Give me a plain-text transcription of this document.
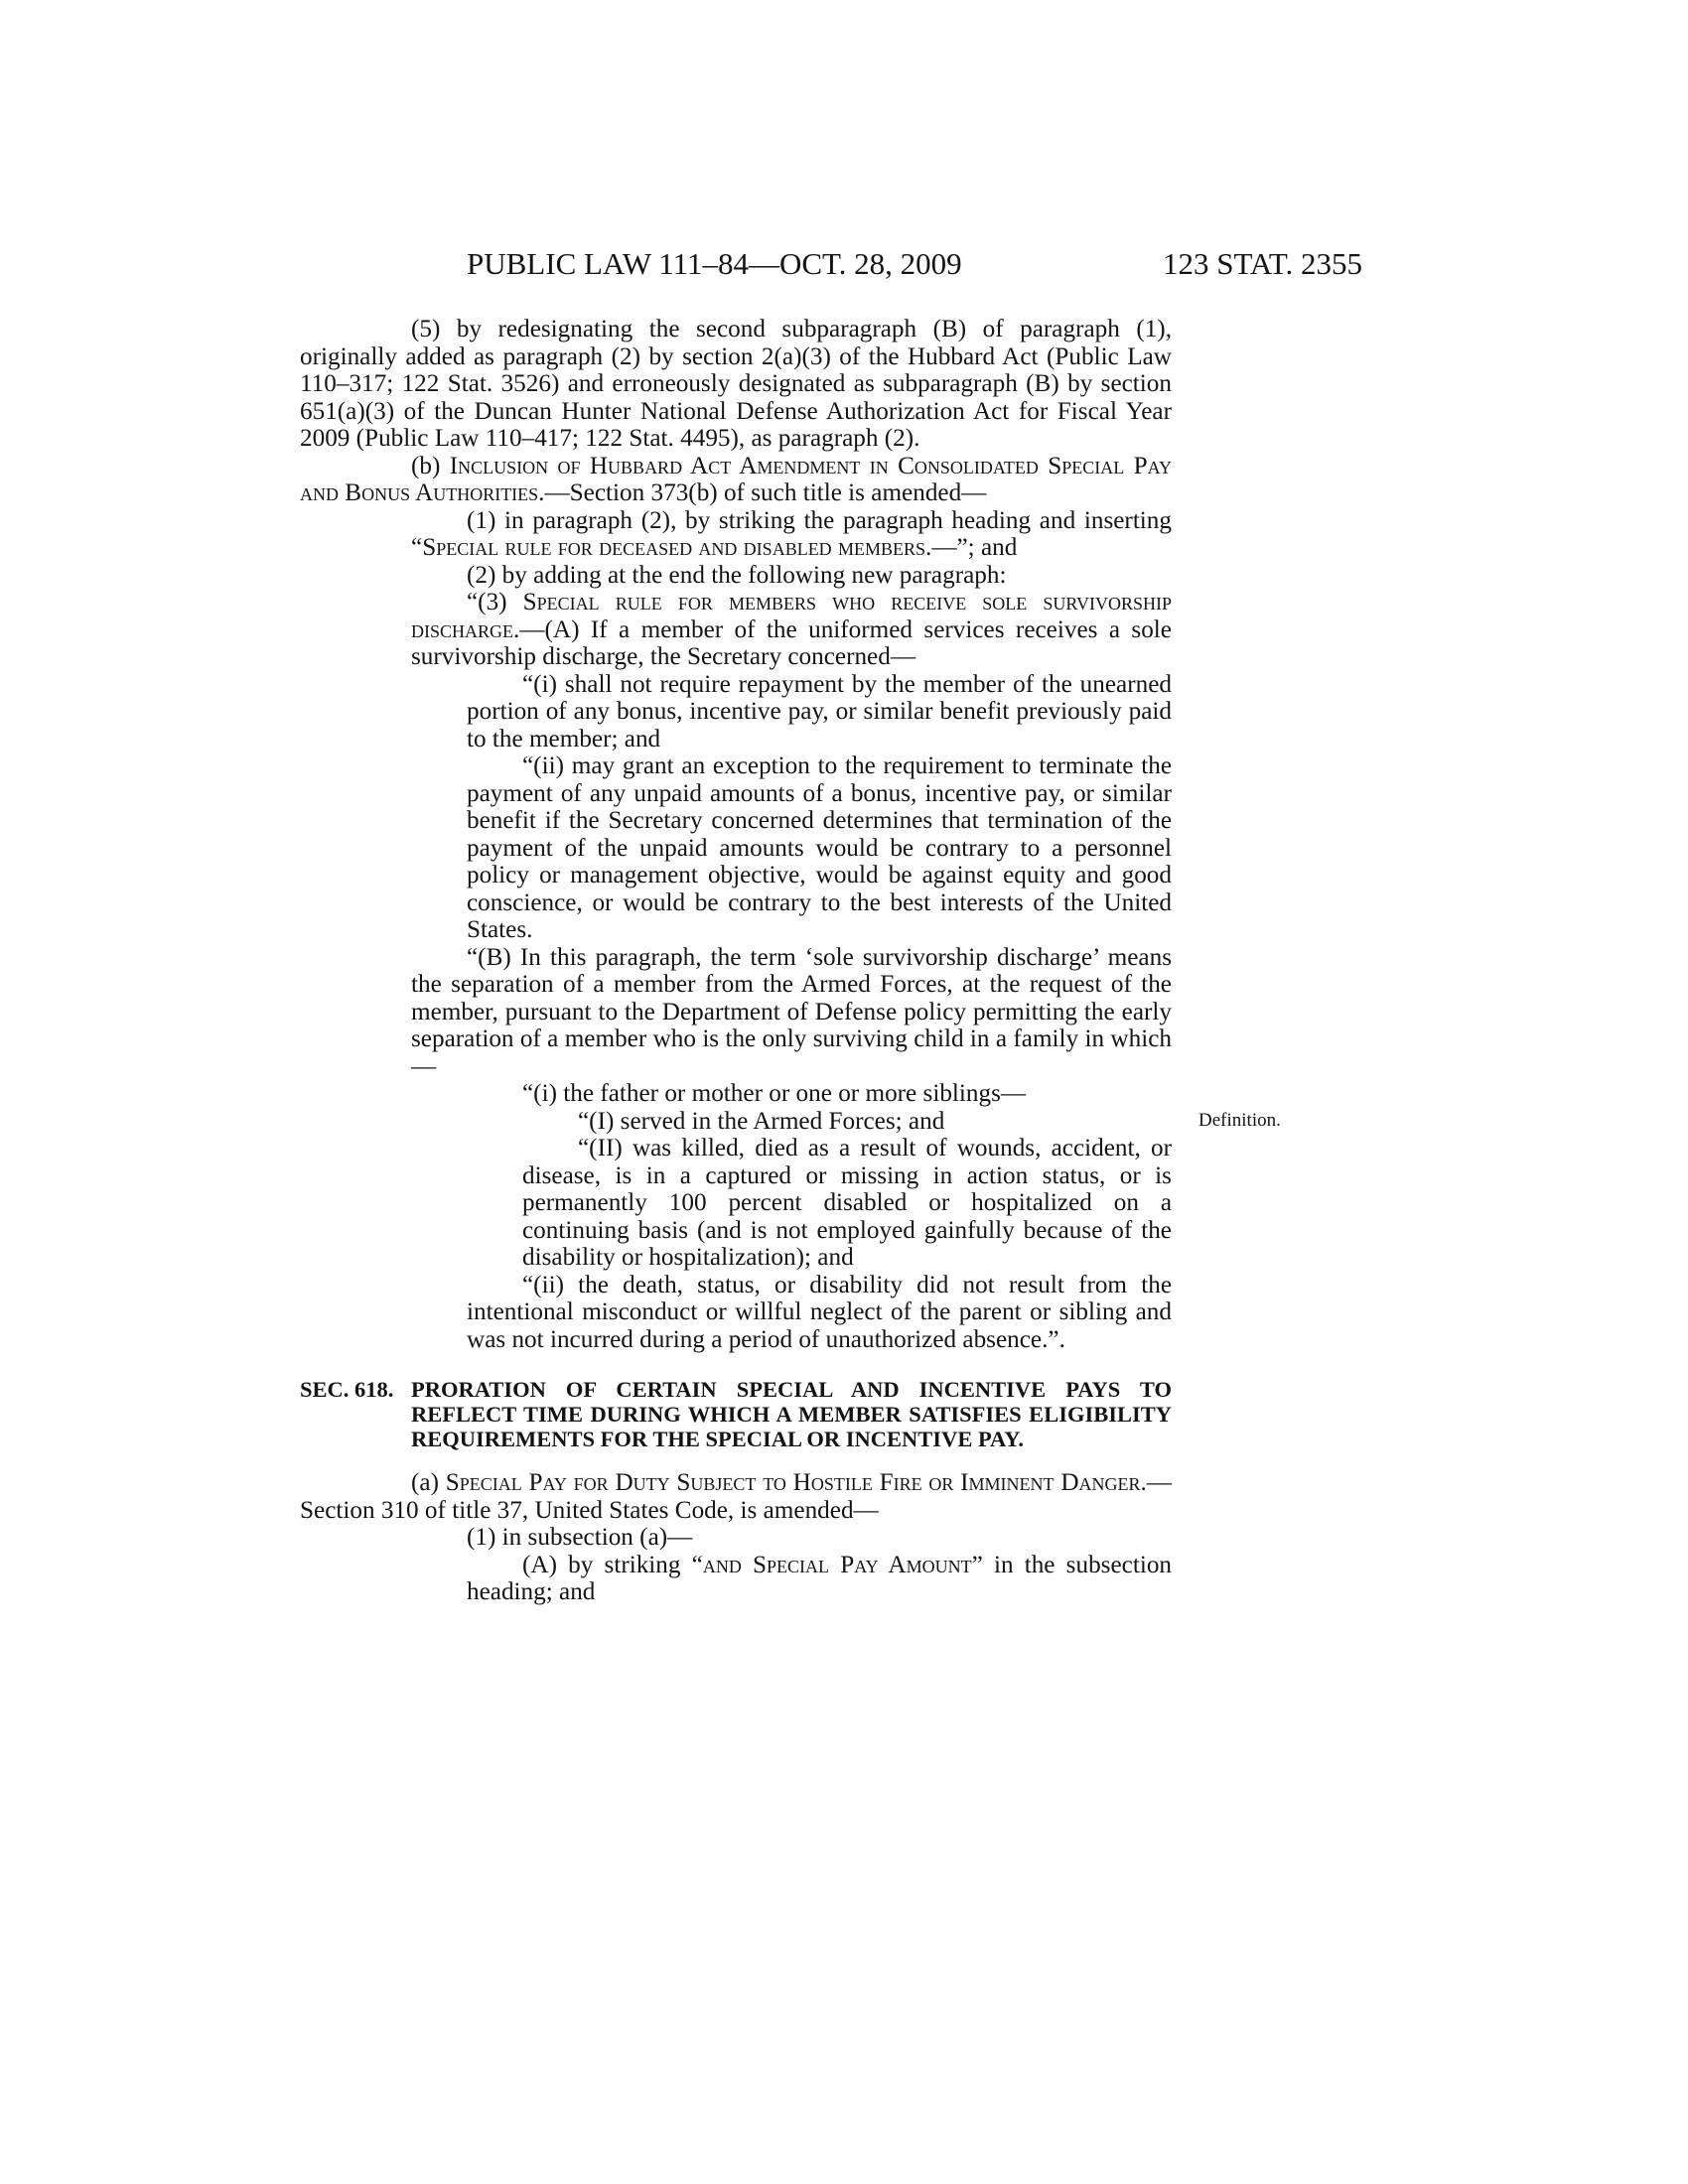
PUBLIC LAW 111–84—OCT. 28, 2009	123 STAT. 2355
Definition.

(5) by redesignating the second subparagraph (B) of paragraph (1), originally added as paragraph (2) by section 2(a)(3) of the Hubbard Act (Public Law 110–317; 122 Stat. 3526) and erroneously designated as subparagraph (B) by section 651(a)(3) of the Duncan Hunter National Defense Authorization Act for Fiscal Year 2009 (Public Law 110–417; 122 Stat. 4495), as paragraph (2).

(b) Inclusion of Hubbard Act Amendment in Consolidated Special Pay and Bonus Authorities.—Section 373(b) of such title is amended—

(1) in paragraph (2), by striking the paragraph heading and inserting “Special rule for deceased and disabled members.—”; and

(2) by adding at the end the following new paragraph:

“(3) Special rule for members who receive sole survivorship discharge.—(A) If a member of the uniformed services receives a sole survivorship discharge, the Secretary concerned—

“(i) shall not require repayment by the member of the unearned portion of any bonus, incentive pay, or similar benefit previously paid to the member; and

“(ii) may grant an exception to the requirement to terminate the payment of any unpaid amounts of a bonus, incentive pay, or similar benefit if the Secretary concerned determines that termination of the payment of the unpaid amounts would be contrary to a personnel policy or management objective, would be against equity and good conscience, or would be contrary to the best interests of the United States.

“(B) In this paragraph, the term ‘sole survivorship discharge’ means the separation of a member from the Armed Forces, at the request of the member, pursuant to the Department of Defense policy permitting the early separation of a member who is the only surviving child in a family in which—

“(i) the father or mother or one or more siblings—

“(I) served in the Armed Forces; and

“(II) was killed, died as a result of wounds, accident, or disease, is in a captured or missing in action status, or is permanently 100 percent disabled or hospitalized on a continuing basis (and is not employed gainfully because of the disability or hospitalization); and

“(ii) the death, status, or disability did not result from the intentional misconduct or willful neglect of the parent or sibling and was not incurred during a period of unauthorized absence.”.

SEC. 618. PRORATION OF CERTAIN SPECIAL AND INCENTIVE PAYS TO REFLECT TIME DURING WHICH A MEMBER SATISFIES ELIGIBILITY REQUIREMENTS FOR THE SPECIAL OR INCENTIVE PAY.

(a) Special Pay for Duty Subject to Hostile Fire or Imminent Danger.—Section 310 of title 37, United States Code, is amended—

(1) in subsection (a)—

(A) by striking “and Special Pay Amount” in the subsection heading; and
